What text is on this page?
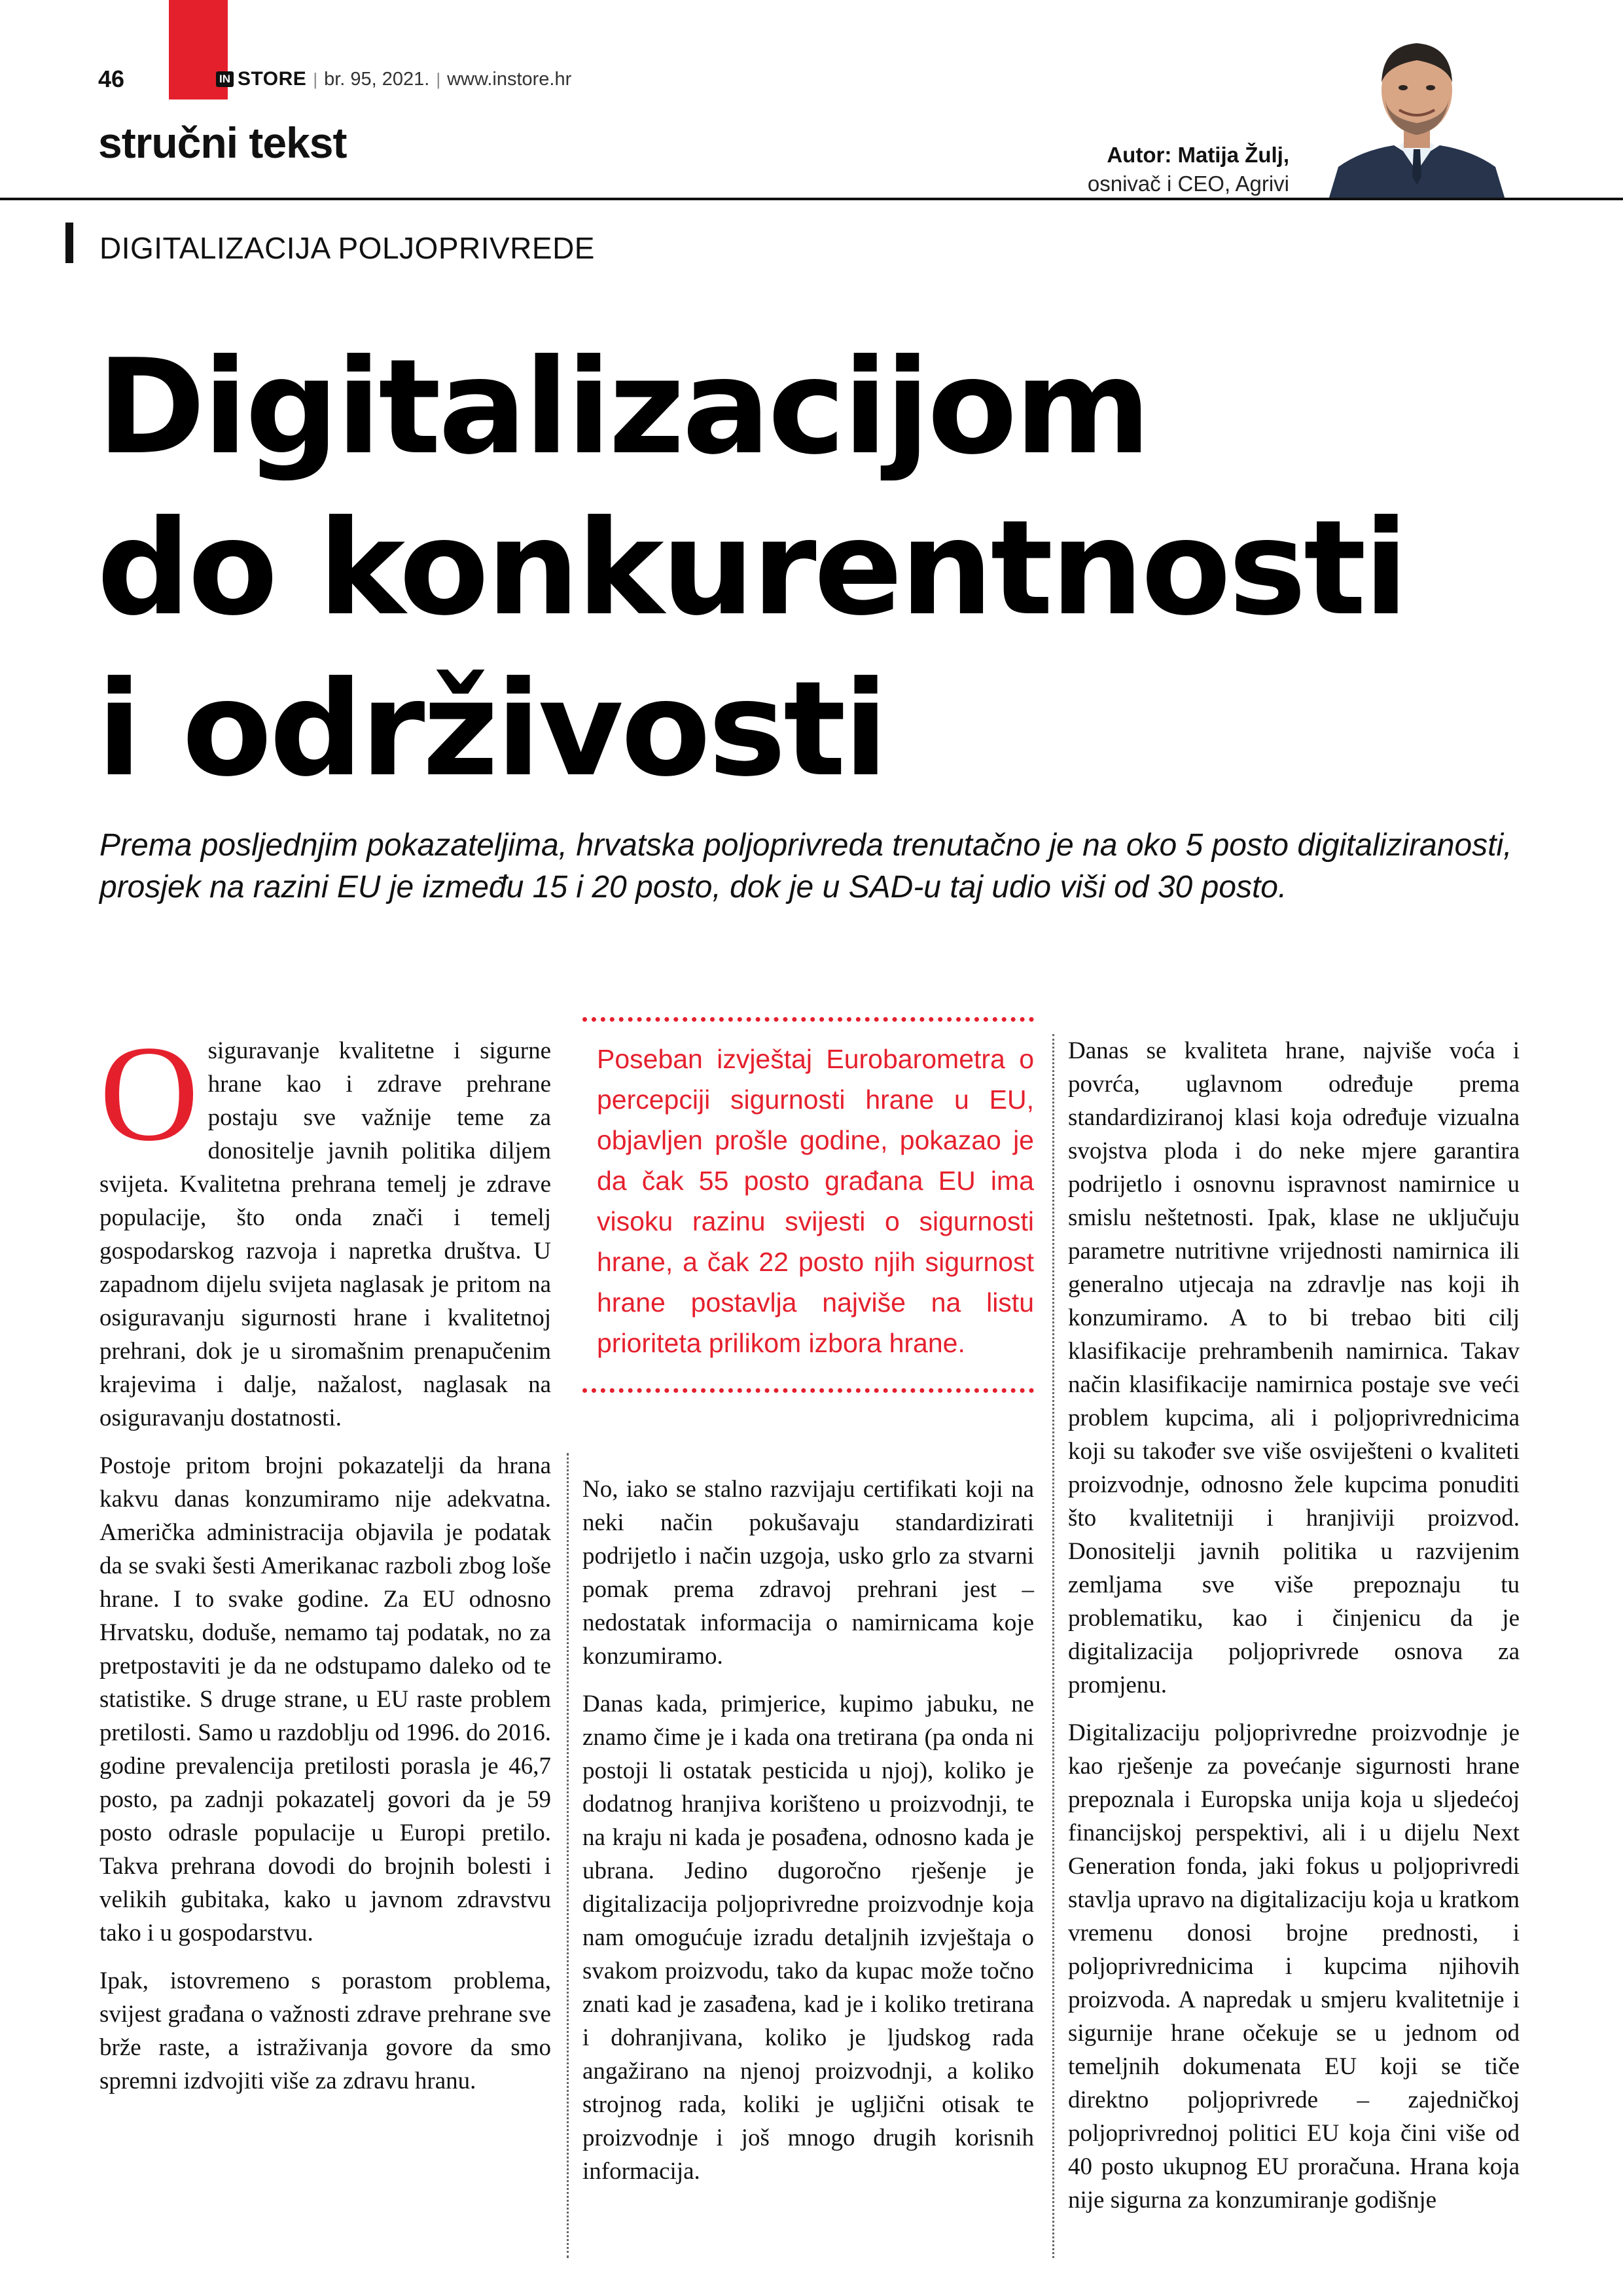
46	IN STORE | br. 95, 2021. | www.instore.hr
stručni tekst	Autor: Matija Žulj,
osnivač i CEO, Agrivi
DIGITALIZACIJA POLJOPRIVREDE
Digitalizacijom
do konkurentnosti
i održivosti
Prema posljednjim pokazateljima, hrvatska poljoprivreda trenutačno je na oko 5 posto digitaliziranosti, prosjek na razini EU je između 15 i 20 posto, dok je u SAD-u taj udio viši od 30 posto.

Osiguravanje kvalitetne i sigurne hrane kao i zdrave prehrane postaju sve važnije teme za donositelje javnih politika diljem svijeta. Kvalitetna prehrana temelj je zdrave populacije, što onda znači i temelj gospodarskog razvoja i napretka društva. U zapadnom dijelu svijeta naglasak je pritom na osiguravanju sigurnosti hrane i kvalitetnoj prehrani, dok je u siromašnim prenapučenim krajevima i dalje, nažalost, naglasak na osiguravanju dostatnosti.

Postoje pritom brojni pokazatelji da hrana kakvu danas konzumiramo nije adekvatna. Američka administracija objavila je podatak da se svaki šesti Amerikanac razboli zbog loše hrane. I to svake godine. Za EU odnosno Hrvatsku, doduše, nemamo taj podatak, no za pretpostaviti je da ne odstupamo daleko od te statistike. S druge strane, u EU raste problem pretilosti. Samo u razdoblju od 1996. do 2016. godine prevalencija pretilosti porasla je 46,7 posto, pa zadnji pokazatelj govori da je 59 posto odrasle populacije u Europi pretilo. Takva prehrana dovodi do brojnih bolesti i velikih gubitaka, kako u javnom zdravstvu tako i u gospodarstvu.

Ipak, istovremeno s porastom problema, svijest građana o važnosti zdrave prehrane sve brže raste, a istraživanja govore da smo spremni izdvojiti više za zdravu hranu.

Poseban izvještaj Eurobarometra o percepciji sigurnosti hrane u EU, objavljen prošle godine, pokazao je da čak 55 posto građana EU ima visoku razinu svijesti o sigurnosti hrane, a čak 22 posto njih sigurnost hrane postavlja najviše na listu prioriteta prilikom izbora hrane.

No, iako se stalno razvijaju certifikati koji na neki način pokušavaju standardizirati podrijetlo i način uzgoja, usko grlo za stvarni pomak prema zdravoj prehrani jest – nedostatak informacija o namirnicama koje konzumiramo.

Danas kada, primjerice, kupimo jabuku, ne znamo čime je i kada ona tretirana (pa onda ni postoji li ostatak pesticida u njoj), koliko je dodatnog hranjiva korišteno u proizvodnji, te na kraju ni kada je posađena, odnosno kada je ubrana. Jedino dugoročno rješenje je digitalizacija poljoprivredne proizvodnje koja nam omogućuje izradu detaljnih izvještaja o svakom proizvodu, tako da kupac može točno znati kad je zasađena, kad je i koliko tretirana i dohranjivana, koliko je ljudskog rada angažirano na njenoj proizvodnji, a koliko strojnog rada, koliki je ugljični otisak te proizvodnje i još mnogo drugih korisnih informacija.

Danas se kvaliteta hrane, najviše voća i povrća, uglavnom određuje prema standardiziranoj klasi koja određuje vizualna svojstva ploda i do neke mjere garantira podrijetlo i osnovnu ispravnost namirnice u smislu neštetnosti. Ipak, klase ne uključuju parametre nutritivne vrijednosti namirnica ili generalno utjecaja na zdravlje nas koji ih konzumiramo. A to bi trebao biti cilj klasifikacije prehrambenih namirnica. Takav način klasifikacije namirnica postaje sve veći problem kupcima, ali i poljoprivrednicima koji su također sve više osviješteni o kvaliteti proizvodnje, odnosno žele kupcima ponuditi što kvalitetniji i hranjiviji proizvod. Donositelji javnih politika u razvijenim zemljama sve više prepoznaju tu problematiku, kao i činjenicu da je digitalizacija poljoprivrede osnova za promjenu.

Digitalizaciju poljoprivredne proizvodnje je kao rješenje za povećanje sigurnosti hrane prepoznala i Europska unija koja u sljedećoj financijskoj perspektivi, ali i u dijelu Next Generation fonda, jaki fokus u poljoprivredi stavlja upravo na digitalizaciju koja u kratkom vremenu donosi brojne prednosti, i poljoprivrednicima i kupcima njihovih proizvoda. A napredak u smjeru kvalitetnije i sigurnije hrane očekuje se u jednom od temeljnih dokumenata EU koji se tiče direktno poljoprivrede – zajedničkoj poljoprivrednoj politici EU koja čini više od 40 posto ukupnog EU proračuna. Hrana koja nije sigurna za konzumiranje godišnje
